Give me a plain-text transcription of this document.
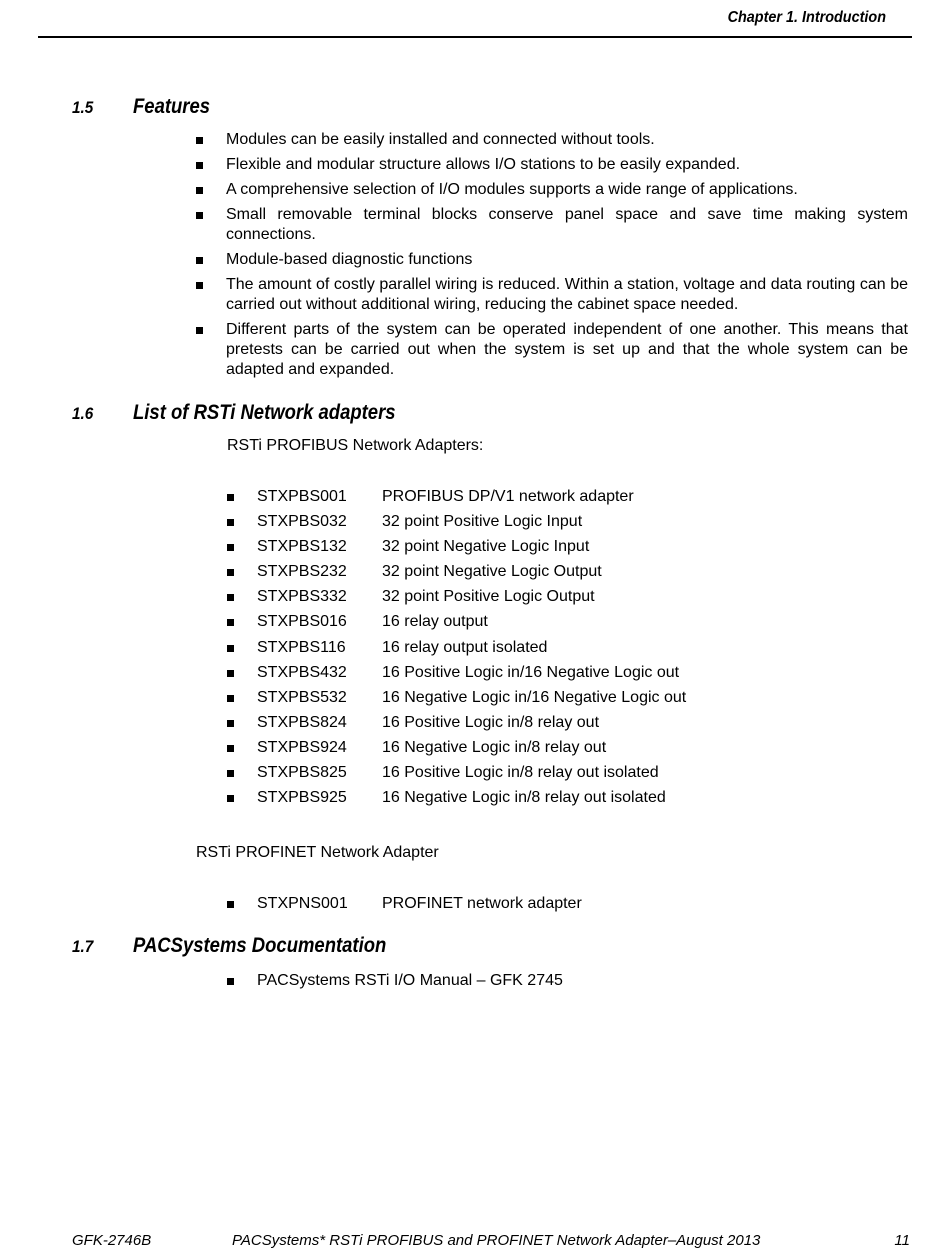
Chapter 1. Introduction
1.5 Features
Modules can be easily installed and connected without tools.
Flexible and modular structure allows I/O stations to be easily expanded.
A comprehensive selection of I/O modules supports a wide range of applications.
Small removable terminal blocks conserve panel space and save time making system connections.
Module-based diagnostic functions
The amount of costly parallel wiring is reduced. Within a station, voltage and data routing can be carried out without additional wiring, reducing the cabinet space needed.
Different parts of the system can be operated independent of one another. This means that pretests can be carried out when the system is set up and that the whole system can be adapted and expanded.
1.6 List of RSTi Network adapters
RSTi PROFIBUS Network Adapters:
STXPBS001 PROFIBUS DP/V1 network adapter
STXPBS032 32 point Positive Logic Input
STXPBS132 32 point Negative Logic Input
STXPBS232 32 point Negative Logic Output
STXPBS332 32 point Positive Logic Output
STXPBS016 16 relay output
STXPBS116 16 relay output isolated
STXPBS432 16 Positive Logic in/16 Negative Logic out
STXPBS532 16 Negative Logic in/16 Negative Logic out
STXPBS824 16 Positive Logic in/8 relay out
STXPBS924 16 Negative Logic in/8 relay out
STXPBS825 16 Positive Logic in/8 relay out isolated
STXPBS925 16 Negative Logic in/8 relay out isolated
RSTi PROFINET Network Adapter
STXPNS001 PROFINET network adapter
1.7 PACSystems Documentation
PACSystems RSTi I/O Manual – GFK 2745
GFK-2746B	PACSystems* RSTi PROFIBUS and PROFINET Network Adapter–August 2013	11
